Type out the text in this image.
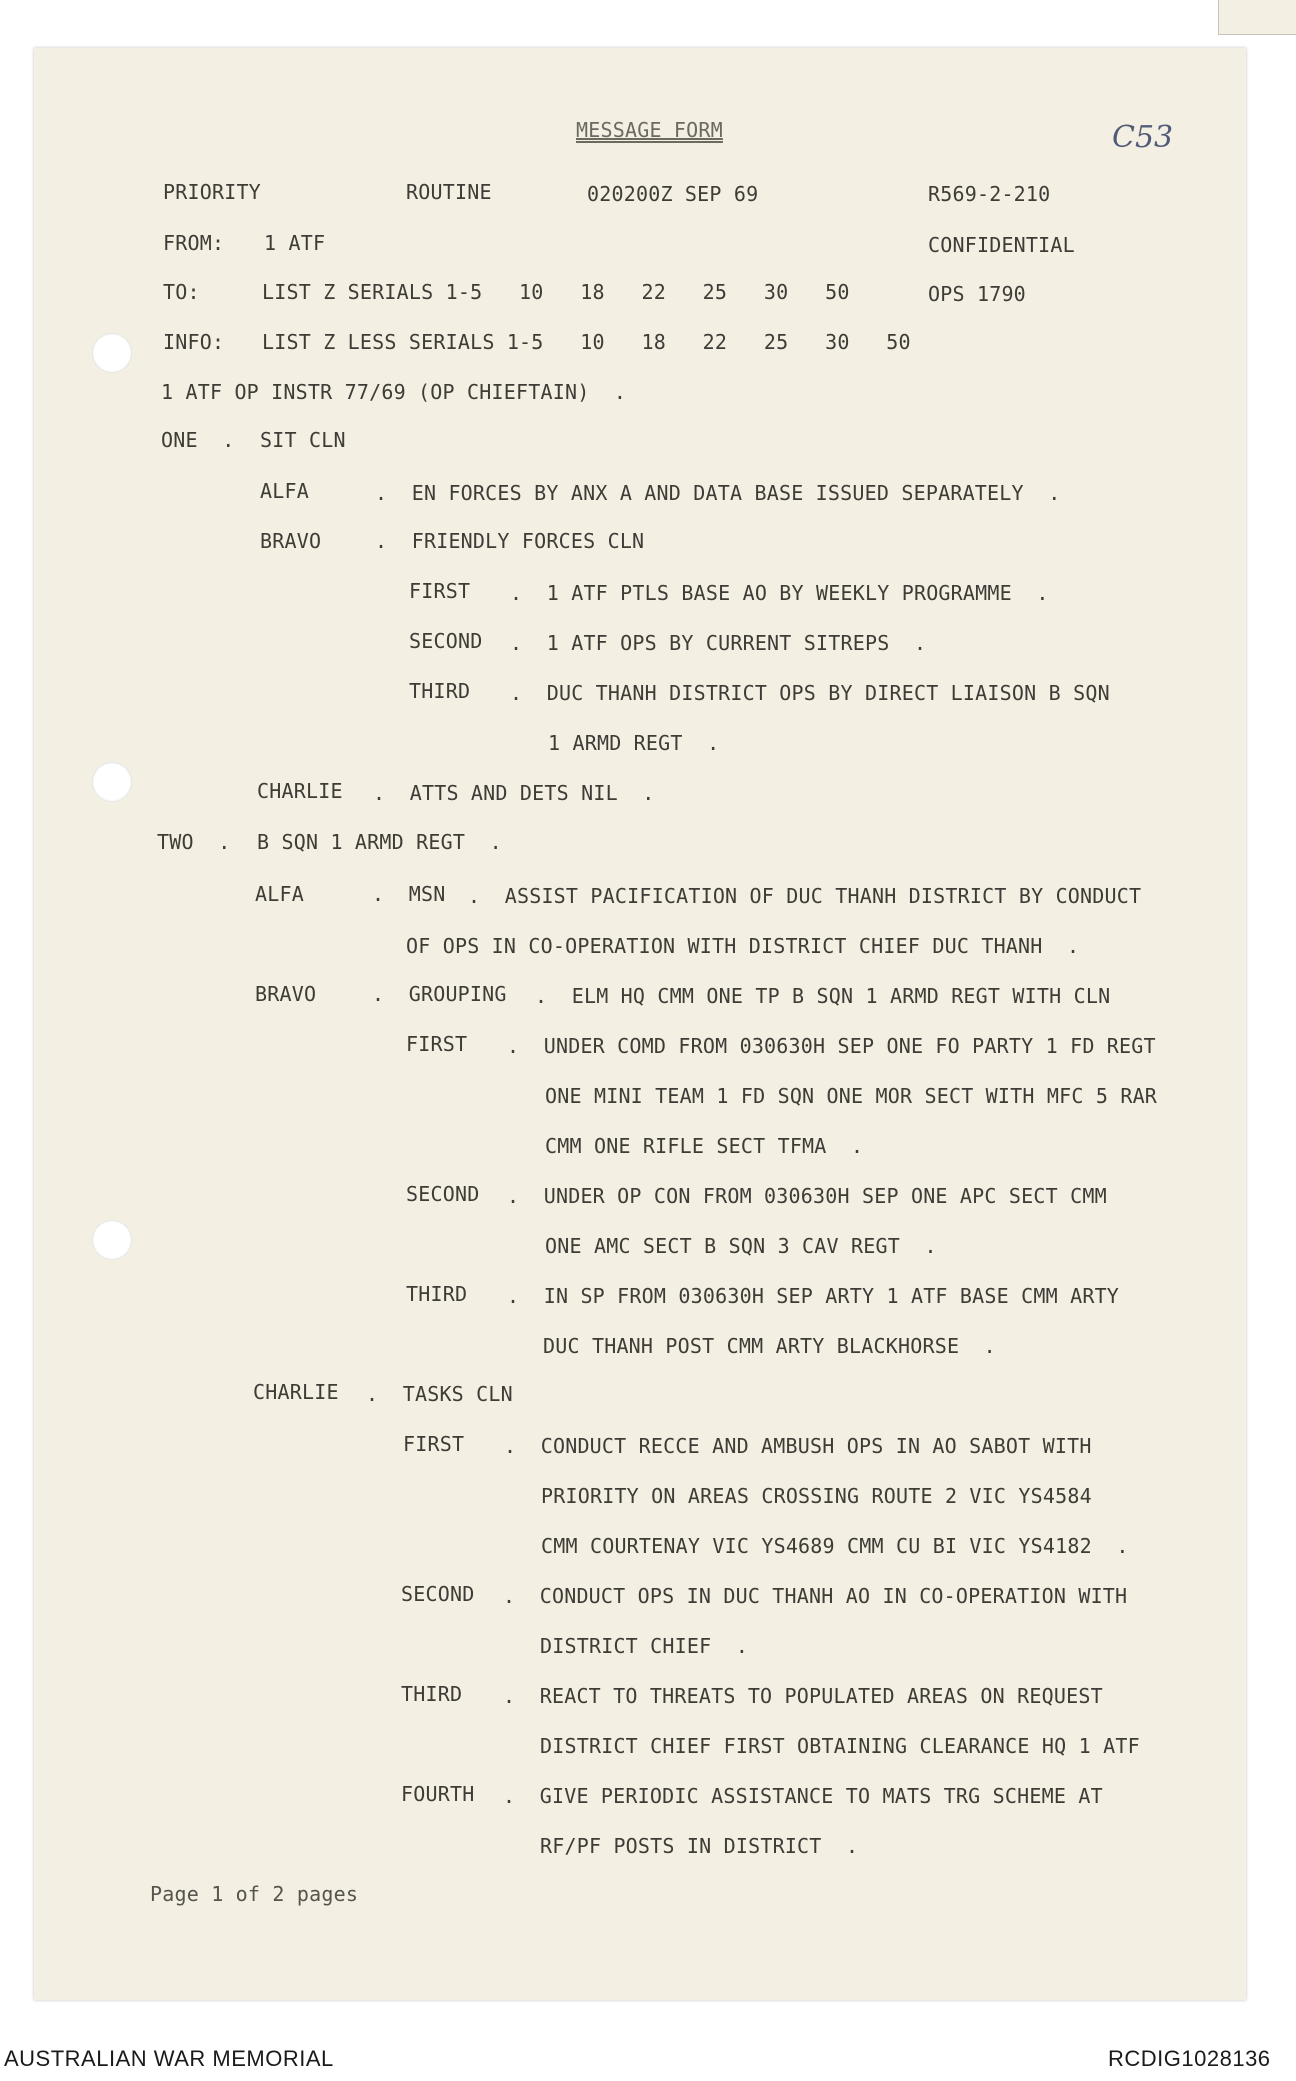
MESSAGE FORM	C53
PRIORITY	ROUTINE	020200Z SEP 69	R569-2-210
FROM: 1 ATF	CONFIDENTIAL
TO:	LIST Z SERIALS 1-5   10   18   22   25   30   50	OPS 1790
INFO: LIST Z LESS SERIALS 1-5   10   18   22   25   30   50
1 ATF OP INSTR 77/69 (OP CHIEFTAIN)  .
ONE  . SIT CLN
ALFA	.  EN FORCES BY ANX A AND DATA BASE ISSUED SEPARATELY  .
BRAVO	.  FRIENDLY FORCES CLN
FIRST .  1 ATF PTLS BASE AO BY WEEKLY PROGRAMME  .
SECOND .  1 ATF OPS BY CURRENT SITREPS  .
THIRD .  DUC THANH DISTRICT OPS BY DIRECT LIAISON B SQN
1 ARMD REGT  .
CHARLIE .  ATTS AND DETS NIL  .
TWO  . B SQN 1 ARMD REGT  .
ALFA	.  MSN .  ASSIST PACIFICATION OF DUC THANH DISTRICT BY CONDUCT
OF OPS IN CO-OPERATION WITH DISTRICT CHIEF DUC THANH  .
BRAVO	.  GROUPING .  ELM HQ CMM ONE TP B SQN 1 ARMD REGT WITH CLN
FIRST .  UNDER COMD FROM 030630H SEP ONE FO PARTY 1 FD REGT
ONE MINI TEAM 1 FD SQN ONE MOR SECT WITH MFC 5 RAR
CMM ONE RIFLE SECT TFMA  .
SECOND .  UNDER OP CON FROM 030630H SEP ONE APC SECT CMM
ONE AMC SECT B SQN 3 CAV REGT  .
THIRD .  IN SP FROM 030630H SEP ARTY 1 ATF BASE CMM ARTY
DUC THANH POST CMM ARTY BLACKHORSE  .
CHARLIE .  TASKS CLN
FIRST .  CONDUCT RECCE AND AMBUSH OPS IN AO SABOT WITH
PRIORITY ON AREAS CROSSING ROUTE 2 VIC YS4584
CMM COURTENAY VIC YS4689 CMM CU BI VIC YS4182  .
SECOND .  CONDUCT OPS IN DUC THANH AO IN CO-OPERATION WITH
DISTRICT CHIEF  .
THIRD .  REACT TO THREATS TO POPULATED AREAS ON REQUEST
DISTRICT CHIEF FIRST OBTAINING CLEARANCE HQ 1 ATF
FOURTH .  GIVE PERIODIC ASSISTANCE TO MATS TRG SCHEME AT
RF/PF POSTS IN DISTRICT  .
Page 1 of 2 pages
AUSTRALIAN WAR MEMORIAL	RCDIG1028136
